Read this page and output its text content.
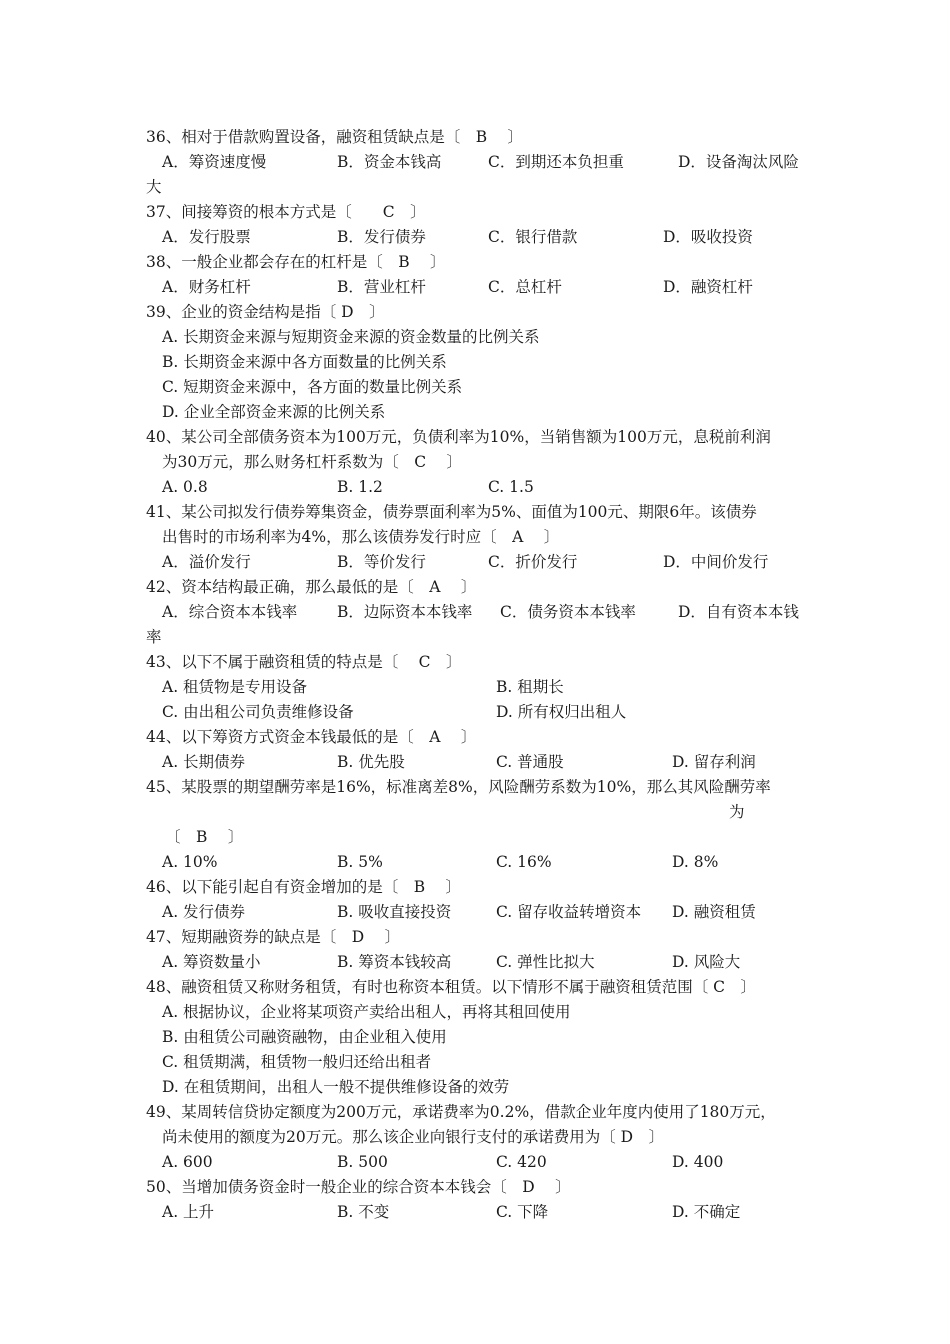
36、相对于借款购置设备，融资租赁缺点是〔　B　 〕
A．筹资速度慢	B．资金本钱高	C．到期还本负担重	D．设备淘汰风险
大
37、间接筹资的根本方式是〔　　C　〕
A．发行股票	B．发行债券	C．银行借款	D．吸收投资
38、一般企业都会存在的杠杆是〔　B　 〕
A．财务杠杆	B．营业杠杆	C．总杠杆	D．融资杠杆
39、企业的资金结构是指〔 D　〕
A. 长期资金来源与短期资金来源的资金数量的比例关系
B. 长期资金来源中各方面数量的比例关系
C. 短期资金来源中，各方面的数量比例关系
D. 企业全部资金来源的比例关系
40、某公司全部债务资本为100万元，负债利率为10%，当销售额为100万元，息税前利润
为30万元，那么财务杠杆系数为〔　C　 〕
A. 0.8	B. 1.2	C. 1.5
41、某公司拟发行债券筹集资金，债券票面利率为5%、面值为100元、期限6年。该债券
出售时的市场利率为4%，那么该债券发行时应〔　A　 〕
A．溢价发行	B．等价发行	C．折价发行	D．中间价发行
42、资本结构最正确，那么最低的是〔　A　 〕
A．综合资本本钱率	B．边际资本本钱率 C．债务资本本钱率	D．自有资本本钱
率
43、以下不属于融资租赁的特点是〔　 C　〕
A. 租赁物是专用设备	B. 租期长
C. 由出租公司负责维修设备	D. 所有权归出租人
44、以下筹资方式资金本钱最低的是〔　A　 〕
A. 长期债券	B. 优先股	C. 普通股	D. 留存利润
45、某股票的期望酬劳率是16%，标准离差8%，风险酬劳系数为10%，那么其风险酬劳率
为
〔　B　 〕
A. 10%	B. 5%	C. 16%	D. 8%
46、以下能引起自有资金增加的是〔　B　 〕
A. 发行债券	B. 吸收直接投资	C. 留存收益转增资本 D. 融资租赁
47、短期融资券的缺点是〔　D　 〕
A. 筹资数量小	B. 筹资本钱较高	C. 弹性比拟大	D. 风险大
48、融资租赁又称财务租赁，有时也称资本租赁。以下情形不属于融资租赁范围〔 C　〕
A. 根据协议，企业将某项资产卖给出租人，再将其租回使用
B. 由租赁公司融资融物，由企业租入使用
C. 租赁期满，租赁物一般归还给出租者
D. 在租赁期间，出租人一般不提供维修设备的效劳
49、某周转信贷协定额度为200万元，承诺费率为0.2%，借款企业年度内使用了180万元，
尚未使用的额度为20万元。那么该企业向银行支付的承诺费用为〔 D　〕
A. 600	B. 500	C. 420	D. 400
50、当增加债务资金时一般企业的综合资本本钱会〔　D　 〕
A. 上升	B. 不变	C. 下降	D. 不确定
